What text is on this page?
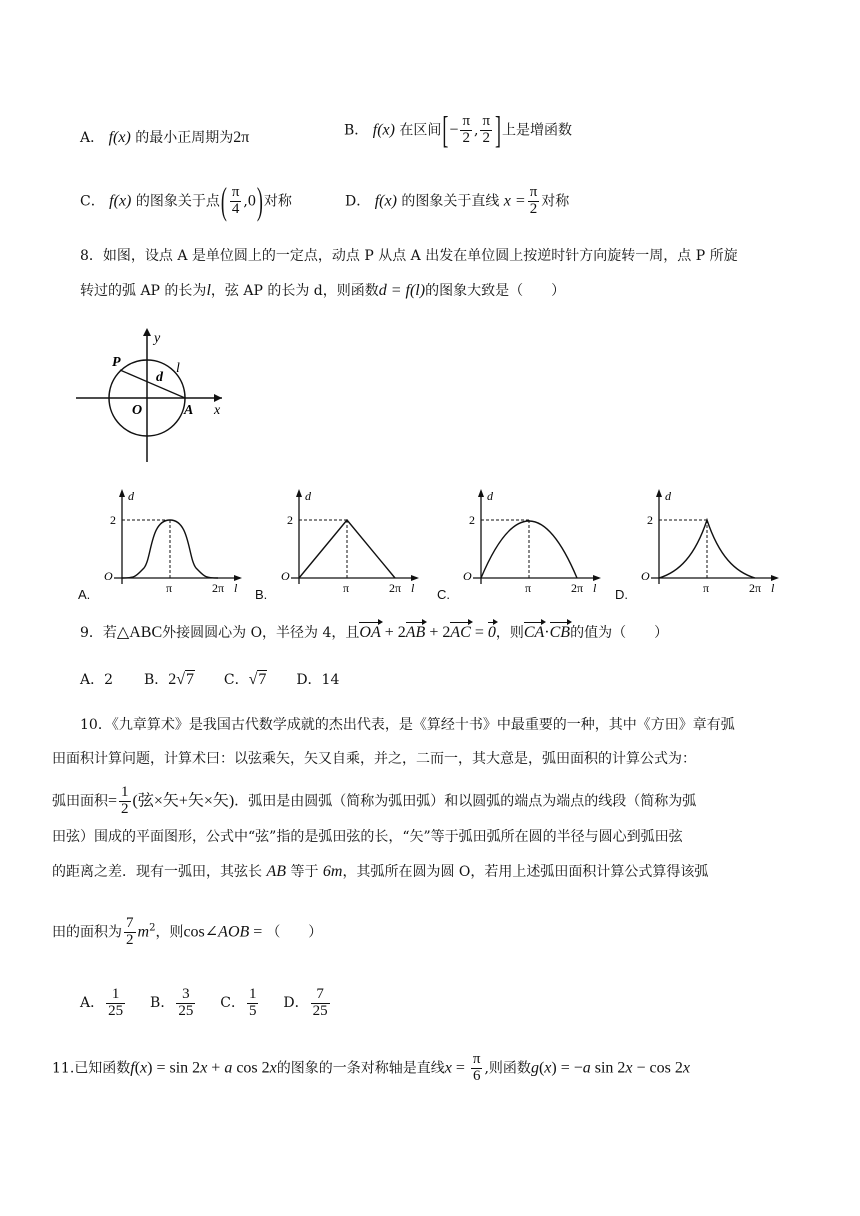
A． f(x) 的最小正周期为2π	B． f(x) 在区间[− $\frac{\pi}{2}$ , $\frac{\pi}{2}$ ]上是增函数
C． f(x) 的图象关于点( $\frac{\pi}{4} ,0$)对称	D． f(x) 的图象关于直线 $x = \frac{\pi}{2}$ 对称
8．如图，设点 A 是单位圆上的一定点，动点 P 从点 A 出发在单位圆上按逆时针方向旋转一周，点 P 所旋
转过的弧 AP 的长为l，弦 AP 的长为 d，则函数d = f(l)的图象大致是（　　）
P
y
d
l
O	A x
A.
d
2
O
π	2π l B.
d
2
O
π	2π l C.
d
2
O
π	2π l D.
d
2
O
π	2π l
9．若△ABC外接圆圆心为 O，半径为 4，且OA + 2AB + 2AC = 0，则CA·CB的值为（　　）
A．2 B．2√7 C．√7 D．14
10．《九章算术》是我国古代数学成就的杰出代表，是《算经十书》中最重要的一种，其中《方田》章有弧
田面积计算问题，计算术曰：以弦乘矢，矢又自乘，并之，二而一，其大意是，弧田面积的计算公式为：
弧田面积= $\frac{1}{2}$ (弦×矢+矢×矢)．弧田是由圆弧（简称为弧田弧）和以圆弧的端点为端点的线段（简称为弧
田弦）围成的平面图形，公式中“弦”指的是弧田弦的长，“矢”等于弧田弧所在圆的半径与圆心到弧田弦
的距离之差．现有一弧田，其弦长 AB 等于 6m，其弧所在圆为圆 O，若用上述弧田面积计算公式算得该弧
田的面积为 $\frac{7}{2} m^2$，则cos∠AOB = （　　）
A． $\frac{1}{25}$ B． $\frac{3}{25}$ C． $\frac{1}{5}$ D． $\frac{7}{25}$
11.已知函数f(x) = sin 2x + a cos 2x的图象的一条对称轴是直线$x = \frac{\pi}{6}$ ,则函数g(x) = −a sin 2x − cos 2x
